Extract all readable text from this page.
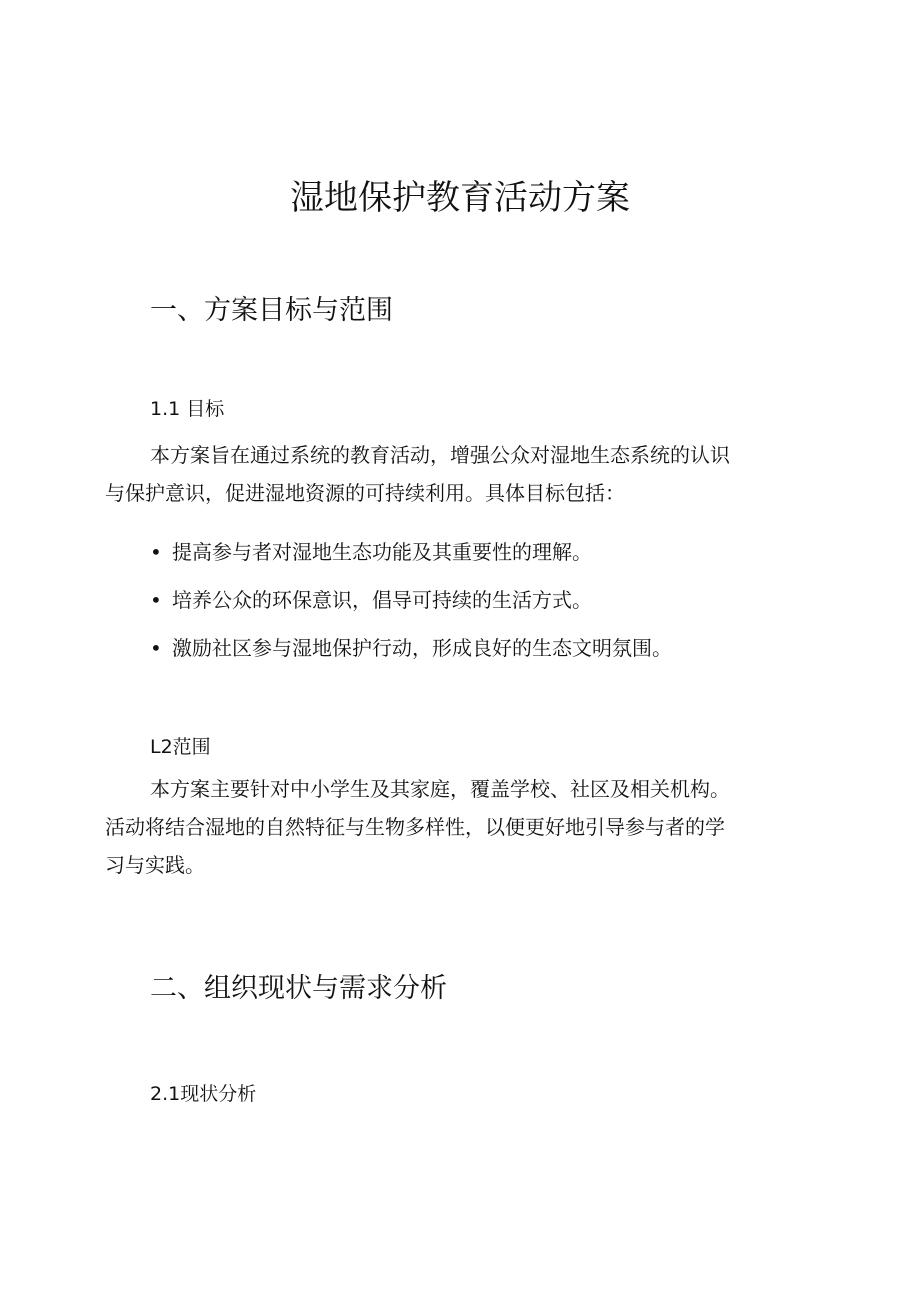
湿地保护教育活动方案
一、方案目标与范围
1.1 目标

本方案旨在通过系统的教育活动，增强公众对湿地生态系统的认识
与保护意识，促进湿地资源的可持续利用。具体目标包括：

• 提高参与者对湿地生态功能及其重要性的理解。

• 培养公众的环保意识，倡导可持续的生活方式。

• 激励社区参与湿地保护行动，形成良好的生态文明氛围。

L2范围

本方案主要针对中小学生及其家庭，覆盖学校、社区及相关机构。
活动将结合湿地的自然特征与生物多样性，以便更好地引导参与者的学
习与实践。

二、组织现状与需求分析
2.1现状分析
